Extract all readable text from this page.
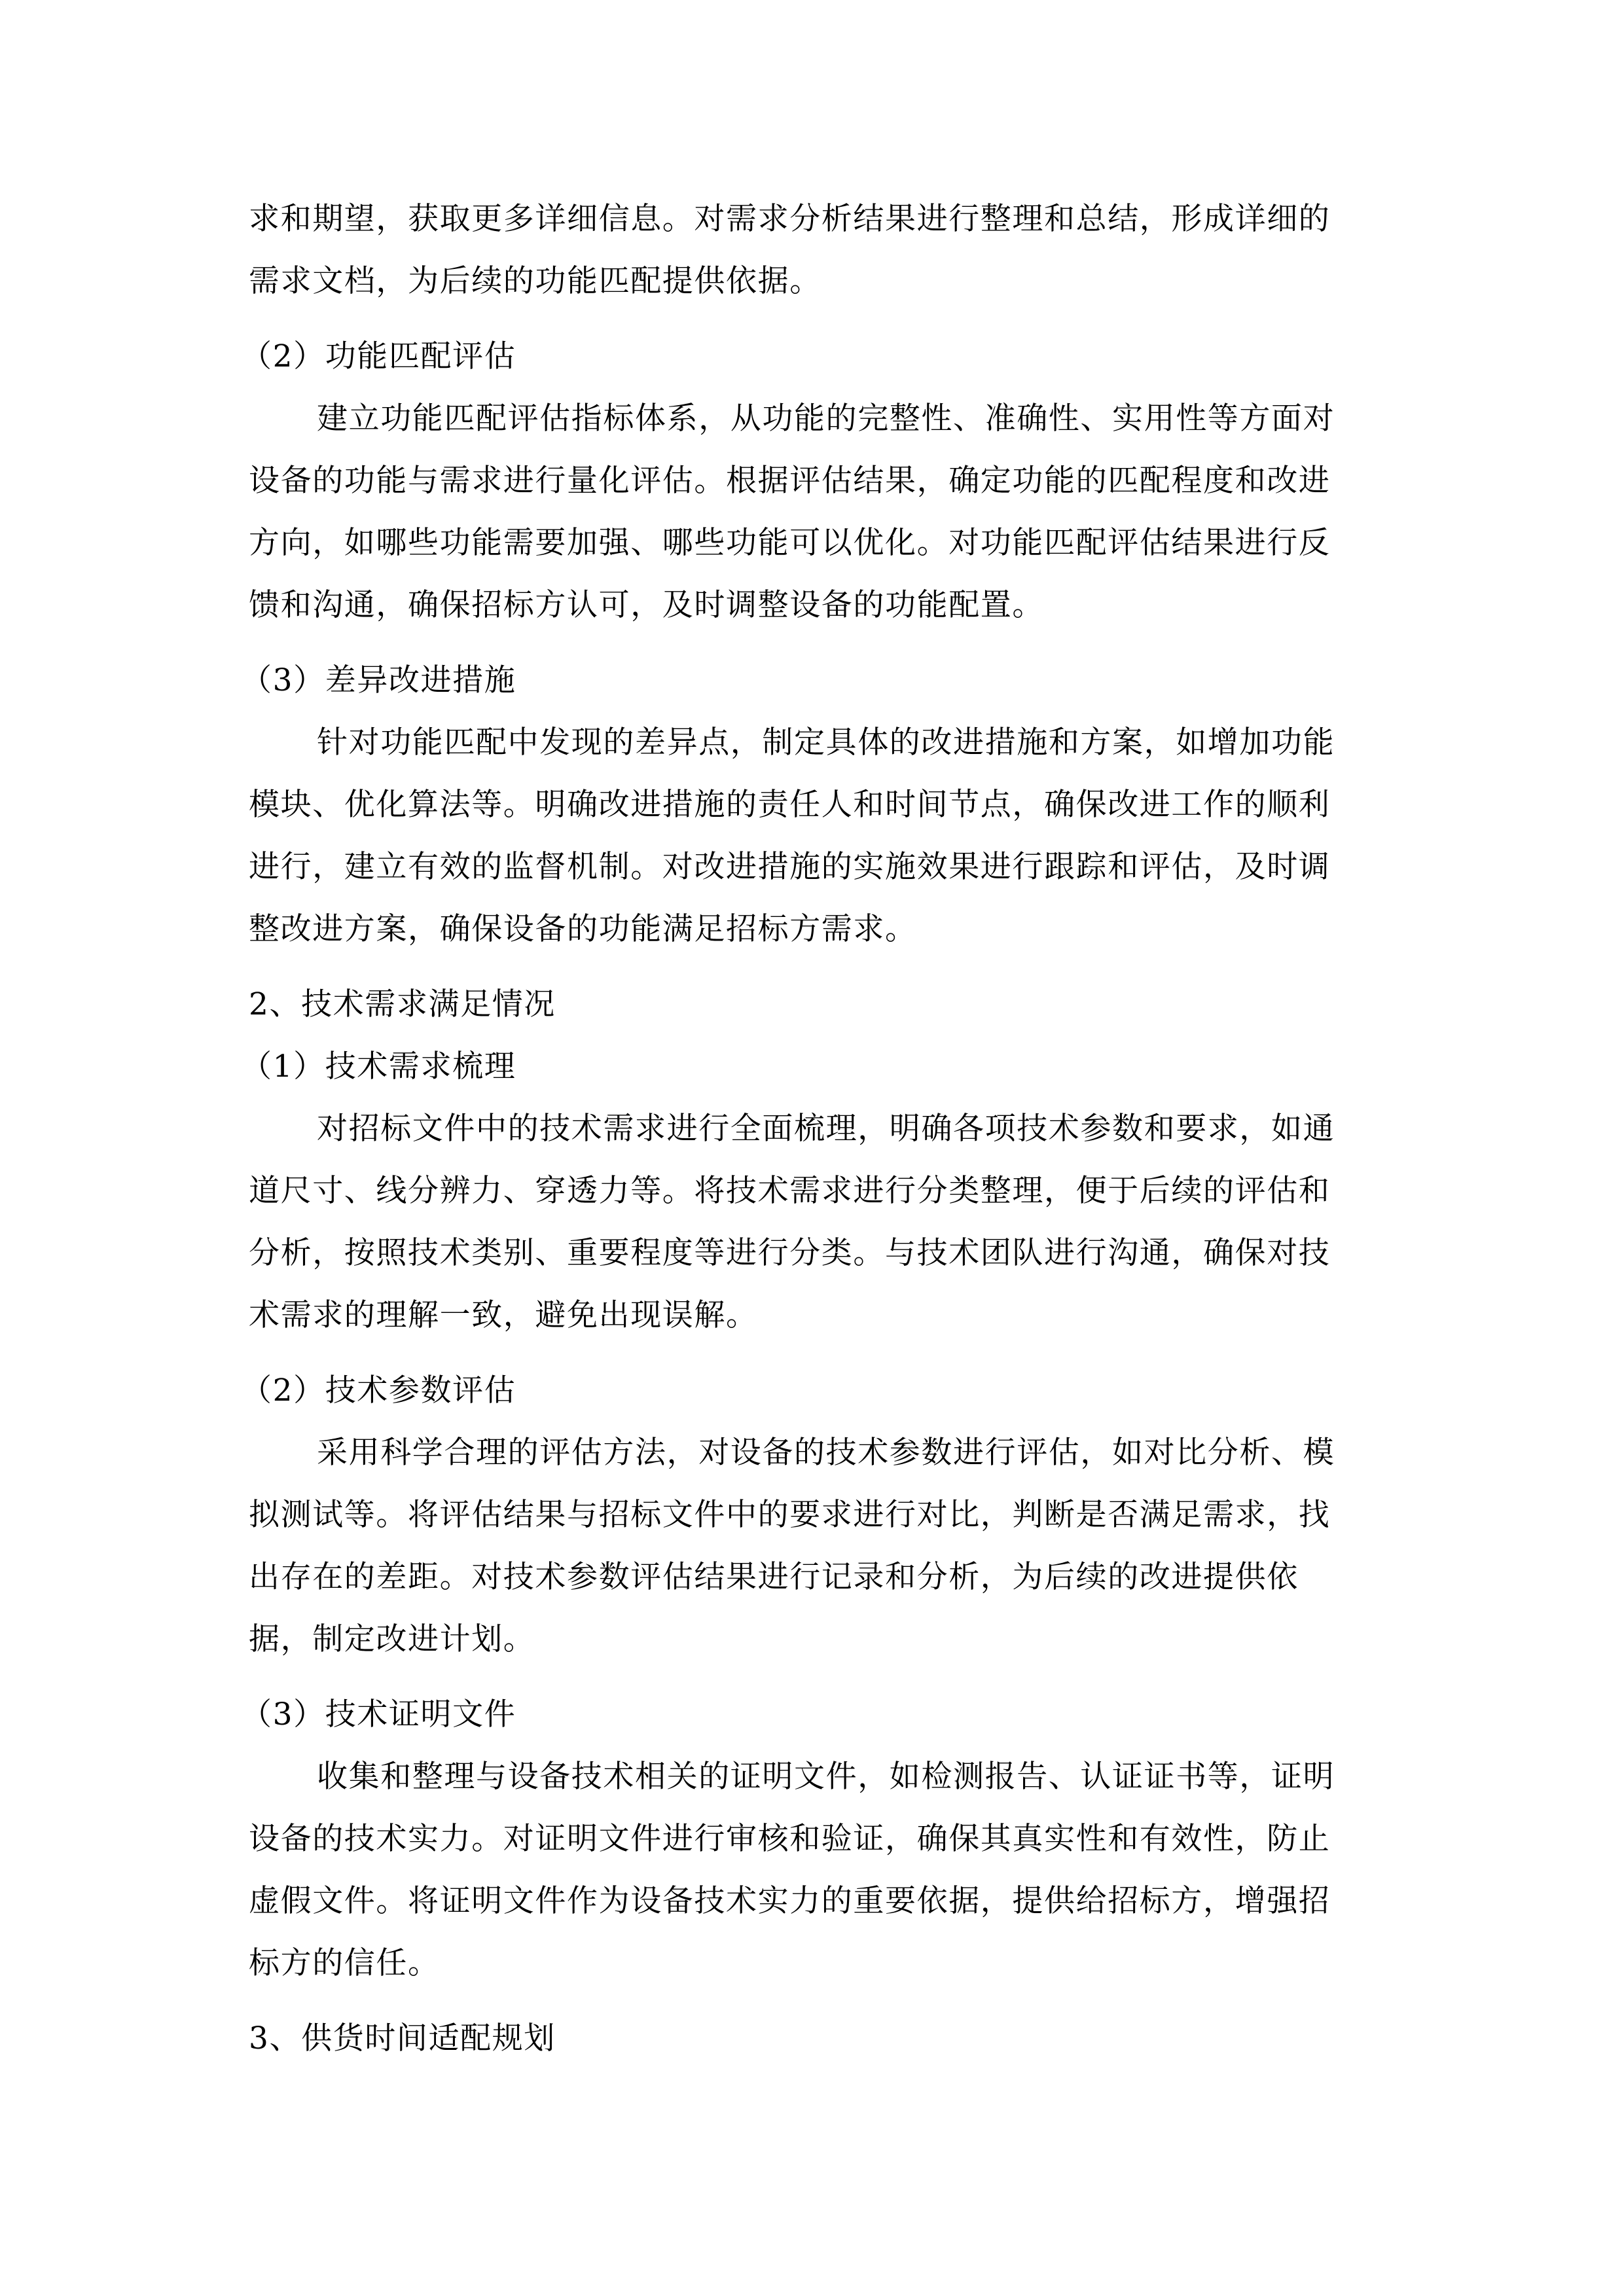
求和期望，获取更多详细信息。对需求分析结果进行整理和总结，形成详细的
需求文档，为后续的功能匹配提供依据。
（2）功能匹配评估
建立功能匹配评估指标体系，从功能的完整性、准确性、实用性等方面对
设备的功能与需求进行量化评估。根据评估结果，确定功能的匹配程度和改进
方向，如哪些功能需要加强、哪些功能可以优化。对功能匹配评估结果进行反
馈和沟通，确保招标方认可，及时调整设备的功能配置。
（3）差异改进措施
针对功能匹配中发现的差异点，制定具体的改进措施和方案，如增加功能
模块、优化算法等。明确改进措施的责任人和时间节点，确保改进工作的顺利
进行，建立有效的监督机制。对改进措施的实施效果进行跟踪和评估，及时调
整改进方案，确保设备的功能满足招标方需求。
2、技术需求满足情况
（1）技术需求梳理
对招标文件中的技术需求进行全面梳理，明确各项技术参数和要求，如通
道尺寸、线分辨力、穿透力等。将技术需求进行分类整理，便于后续的评估和
分析，按照技术类别、重要程度等进行分类。与技术团队进行沟通，确保对技
术需求的理解一致，避免出现误解。
（2）技术参数评估
采用科学合理的评估方法，对设备的技术参数进行评估，如对比分析、模
拟测试等。将评估结果与招标文件中的要求进行对比，判断是否满足需求，找
出存在的差距。对技术参数评估结果进行记录和分析，为后续的改进提供依
据，制定改进计划。
（3）技术证明文件
收集和整理与设备技术相关的证明文件，如检测报告、认证证书等，证明
设备的技术实力。对证明文件进行审核和验证，确保其真实性和有效性，防止
虚假文件。将证明文件作为设备技术实力的重要依据，提供给招标方，增强招
标方的信任。
3、供货时间适配规划
